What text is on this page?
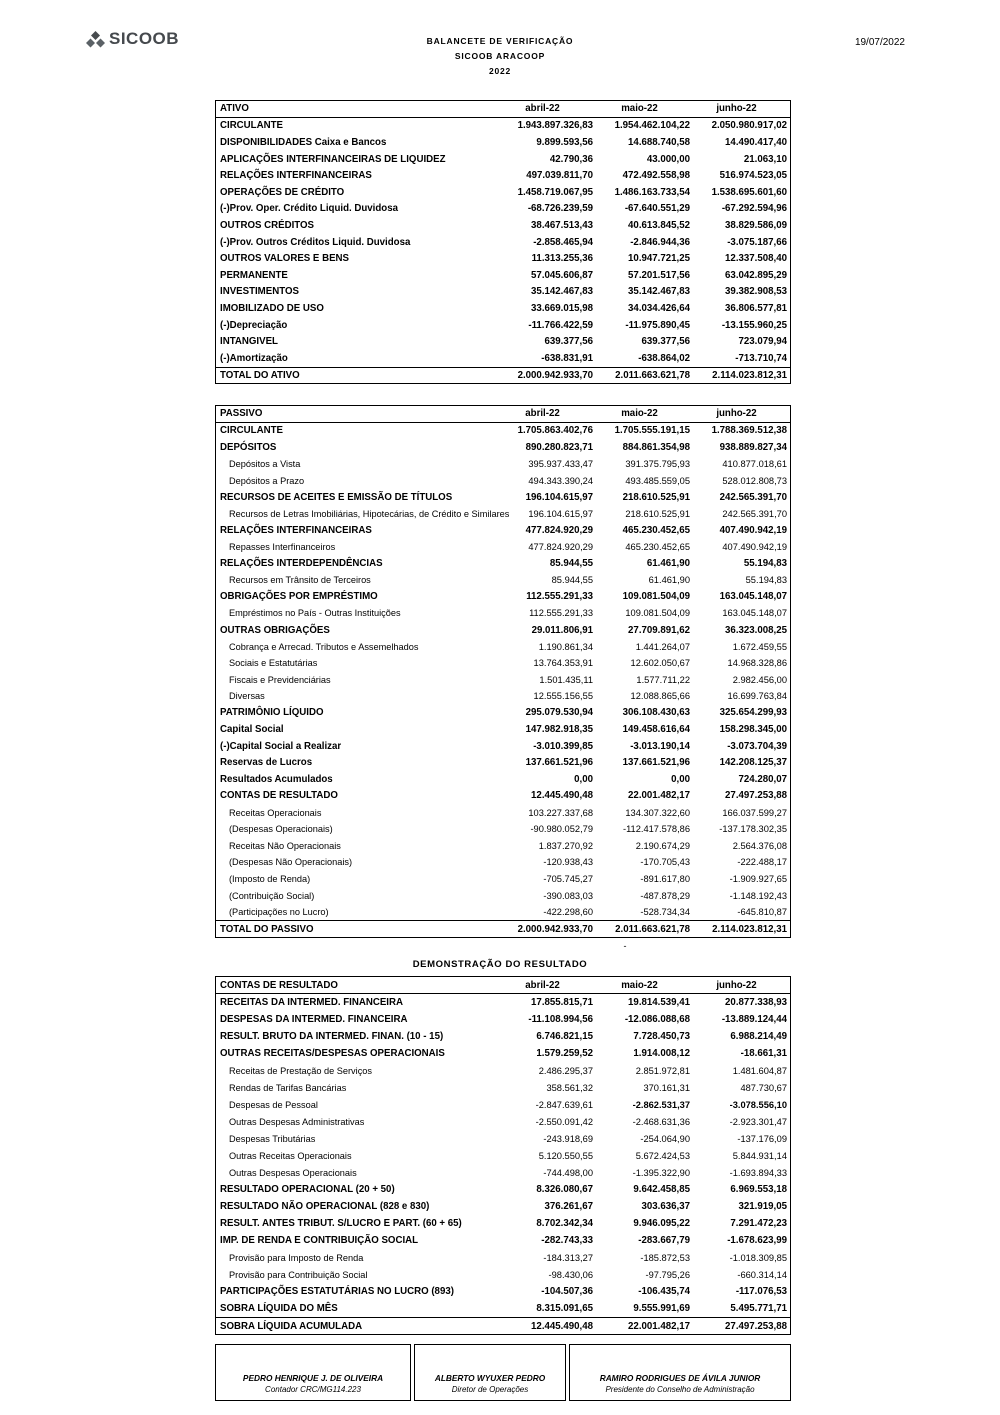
SICOOB	BALANCETE DE VERIFICAÇÃO
SICOOB ARACOOP
2022
19/07/2022
ATIVO	abril-22	maio-22	junho-22
CIRCULANTE	1.943.897.326,83	1.954.462.104,22	2.050.980.917,02
DISPONIBILIDADES Caixa e Bancos	9.899.593,56	14.688.740,58	14.490.417,40
APLICAÇÕES INTERFINANCEIRAS DE LIQUIDEZ	42.790,36	43.000,00	21.063,10
RELAÇÕES INTERFINANCEIRAS	497.039.811,70	472.492.558,98	516.974.523,05
OPERAÇÕES DE CRÉDITO	1.458.719.067,95	1.486.163.733,54	1.538.695.601,60
(-)Prov. Oper. Crédito Liquid. Duvidosa	-68.726.239,59	-67.640.551,29	-67.292.594,96
OUTROS CRÉDITOS	38.467.513,43	40.613.845,52	38.829.586,09
(-)Prov. Outros Créditos Liquid. Duvidosa	-2.858.465,94	-2.846.944,36	-3.075.187,66
OUTROS VALORES E BENS	11.313.255,36	10.947.721,25	12.337.508,40
PERMANENTE	57.045.606,87	57.201.517,56	63.042.895,29
INVESTIMENTOS	35.142.467,83	35.142.467,83	39.382.908,53
IMOBILIZADO DE USO	33.669.015,98	34.034.426,64	36.806.577,81
(-)Depreciação	-11.766.422,59	-11.975.890,45	-13.155.960,25
INTANGIVEL	639.377,56	639.377,56	723.079,94
(-)Amortização	-638.831,91	-638.864,02	-713.710,74
TOTAL DO ATIVO	2.000.942.933,70	2.011.663.621,78	2.114.023.812,31
PASSIVO	abril-22	maio-22	junho-22
CIRCULANTE	1.705.863.402,76	1.705.555.191,15	1.788.369.512,38
DEPÓSITOS	890.280.823,71	884.861.354,98	938.889.827,34
Depósitos a Vista	395.937.433,47	391.375.795,93	410.877.018,61
Depósitos a Prazo	494.343.390,24	493.485.559,05	528.012.808,73
RECURSOS DE ACEITES E EMISSÃO DE TÍTULOS	196.104.615,97	218.610.525,91	242.565.391,70
Recursos de Letras Imobiliárias, Hipotecárias, de Crédito e Similares	196.104.615,97	218.610.525,91	242.565.391,70
RELAÇÕES INTERFINANCEIRAS	477.824.920,29	465.230.452,65	407.490.942,19
Repasses Interfinanceiros	477.824.920,29	465.230.452,65	407.490.942,19
RELAÇÕES INTERDEPENDÊNCIAS	85.944,55	61.461,90	55.194,83
Recursos em Trânsito de Terceiros	85.944,55	61.461,90	55.194,83
OBRIGAÇÕES POR EMPRÉSTIMO	112.555.291,33	109.081.504,09	163.045.148,07
Empréstimos no País - Outras Instituições	112.555.291,33	109.081.504,09	163.045.148,07
OUTRAS OBRIGAÇÕES	29.011.806,91	27.709.891,62	36.323.008,25
Cobrança e Arrecad. Tributos e Assemelhados	1.190.861,34	1.441.264,07	1.672.459,55
Sociais e Estatutárias	13.764.353,91	12.602.050,67	14.968.328,86
Fiscais e Previdenciárias	1.501.435,11	1.577.711,22	2.982.456,00
Diversas	12.555.156,55	12.088.865,66	16.699.763,84
PATRIMÔNIO LÍQUIDO	295.079.530,94	306.108.430,63	325.654.299,93
Capital Social	147.982.918,35	149.458.616,64	158.298.345,00
(-)Capital Social a Realizar	-3.010.399,85	-3.013.190,14	-3.073.704,39
Reservas de Lucros	137.661.521,96	137.661.521,96	142.208.125,37
Resultados Acumulados	0,00	0,00	724.280,07
CONTAS DE RESULTADO	12.445.490,48	22.001.482,17	27.497.253,88
Receitas Operacionais	103.227.337,68	134.307.322,60	166.037.599,27
(Despesas Operacionais)	-90.980.052,79	-112.417.578,86	-137.178.302,35
Receitas Não Operacionais	1.837.270,92	2.190.674,29	2.564.376,08
(Despesas Não Operacionais)	-120.938,43	-170.705,43	-222.488,17
(Imposto de Renda)	-705.745,27	-891.617,80	-1.909.927,65
(Contribuição Social)	-390.083,03	-487.878,29	-1.148.192,43
(Participações no Lucro)	-422.298,60	-528.734,34	-645.810,87
TOTAL DO PASSIVO	2.000.942.933,70	2.011.663.621,78	2.114.023.812,31
-
DEMONSTRAÇÃO DO RESULTADO
CONTAS DE RESULTADO	abril-22	maio-22	junho-22
RECEITAS DA INTERMED. FINANCEIRA	17.855.815,71	19.814.539,41	20.877.338,93
DESPESAS DA INTERMED. FINANCEIRA	-11.108.994,56	-12.086.088,68	-13.889.124,44
RESULT. BRUTO DA INTERMED. FINAN. (10 - 15)	6.746.821,15	7.728.450,73	6.988.214,49
OUTRAS RECEITAS/DESPESAS OPERACIONAIS	1.579.259,52	1.914.008,12	-18.661,31
Receitas de Prestação de Serviços	2.486.295,37	2.851.972,81	1.481.604,87
Rendas de Tarifas Bancárias	358.561,32	370.161,31	487.730,67
Despesas de Pessoal	-2.847.639,61	-2.862.531,37	-3.078.556,10
Outras Despesas Administrativas	-2.550.091,42	-2.468.631,36	-2.923.301,47
Despesas Tributárias	-243.918,69	-254.064,90	-137.176,09
Outras Receitas Operacionais	5.120.550,55	5.672.424,53	5.844.931,14
Outras Despesas Operacionais	-744.498,00	-1.395.322,90	-1.693.894,33
RESULTADO OPERACIONAL (20 + 50)	8.326.080,67	9.642.458,85	6.969.553,18
RESULTADO NÃO OPERACIONAL (828 e 830)	376.261,67	303.636,37	321.919,05
RESULT. ANTES TRIBUT. S/LUCRO E PART. (60 + 65)	8.702.342,34	9.946.095,22	7.291.472,23
IMP. DE RENDA E CONTRIBUIÇÃO SOCIAL	-282.743,33	-283.667,79	-1.678.623,99
Provisão para Imposto de Renda	-184.313,27	-185.872,53	-1.018.309,85
Provisão para Contribuição Social	-98.430,06	-97.795,26	-660.314,14
PARTICIPAÇÕES ESTATUTÁRIAS NO LUCRO (893)	-104.507,36	-106.435,74	-117.076,53
SOBRA LÍQUIDA DO MÊS	8.315.091,65	9.555.991,69	5.495.771,71
SOBRA LÍQUIDA ACUMULADA	12.445.490,48	22.001.482,17	27.497.253,88
PEDRO HENRIQUE J. DE OLIVEIRA
Contador CRC/MG114.223
ALBERTO WYUXER PEDRO
Diretor de Operações
RAMIRO RODRIGUES DE ÁVILA JUNIOR
Presidente do Conselho de Administração
